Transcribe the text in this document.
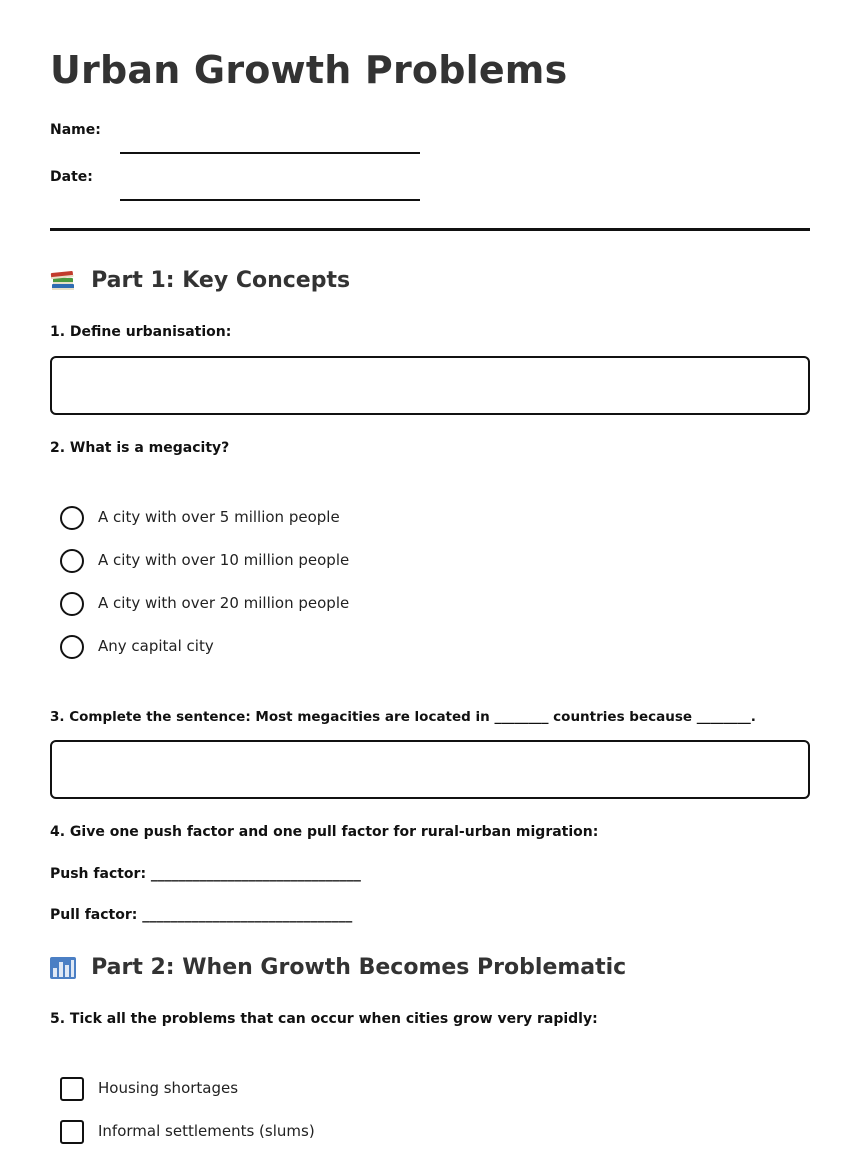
Urban Growth Problems
Name:
Date:
Part 1: Key Concepts
1. Define urbanisation:
2. What is a megacity?
A city with over 5 million people
A city with over 10 million people
A city with over 20 million people
Any capital city
3. Complete the sentence: Most megacities are located in ________ countries because ________.
4. Give one push factor and one pull factor for rural-urban migration:
Push factor: ______________________________
Pull factor: ______________________________
Part 2: When Growth Becomes Problematic
5. Tick all the problems that can occur when cities grow very rapidly:
Housing shortages
Informal settlements (slums)
